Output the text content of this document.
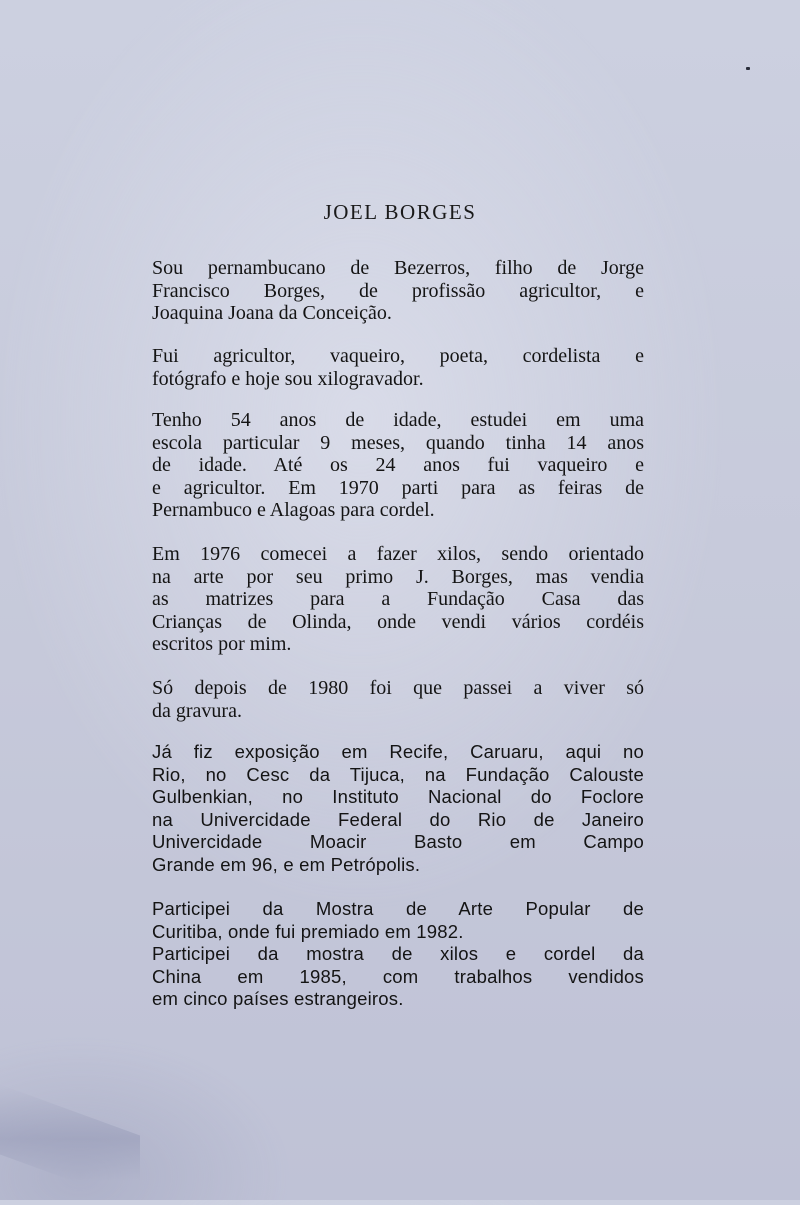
JOEL BORGES
Sou pernambucano de Bezerros, filho de Jorge
Francisco Borges, de profissão agricultor, e
Joaquina Joana da Conceição.
Fui agricultor, vaqueiro, poeta, cordelista e
fotógrafo e hoje sou xilogravador.
Tenho 54 anos de idade, estudei em uma
escola particular 9 meses, quando tinha 14 anos
de idade. Até os 24 anos fui vaqueiro e
e agricultor. Em 1970 parti para as feiras de
Pernambuco e Alagoas para cordel.
Em 1976 comecei a fazer xilos, sendo orientado
na arte por seu primo J. Borges, mas vendia
as matrizes para a Fundação Casa das
Crianças de Olinda, onde vendi vários cordéis
escritos por mim.
Só depois de 1980 foi que passei a viver só
da gravura.
Já fiz exposição em Recife, Caruaru, aqui no
Rio, no Cesc da Tijuca, na Fundação Calouste
Gulbenkian, no Instituto Nacional do Foclore
na Univercidade Federal do Rio de Janeiro
Univercidade Moacir Basto em Campo
Grande em 96, e em Petrópolis.
Participei da Mostra de Arte Popular de
Curitiba, onde fui premiado em 1982.
Participei da mostra de xilos e cordel da
China em 1985, com trabalhos vendidos
em cinco países estrangeiros.
